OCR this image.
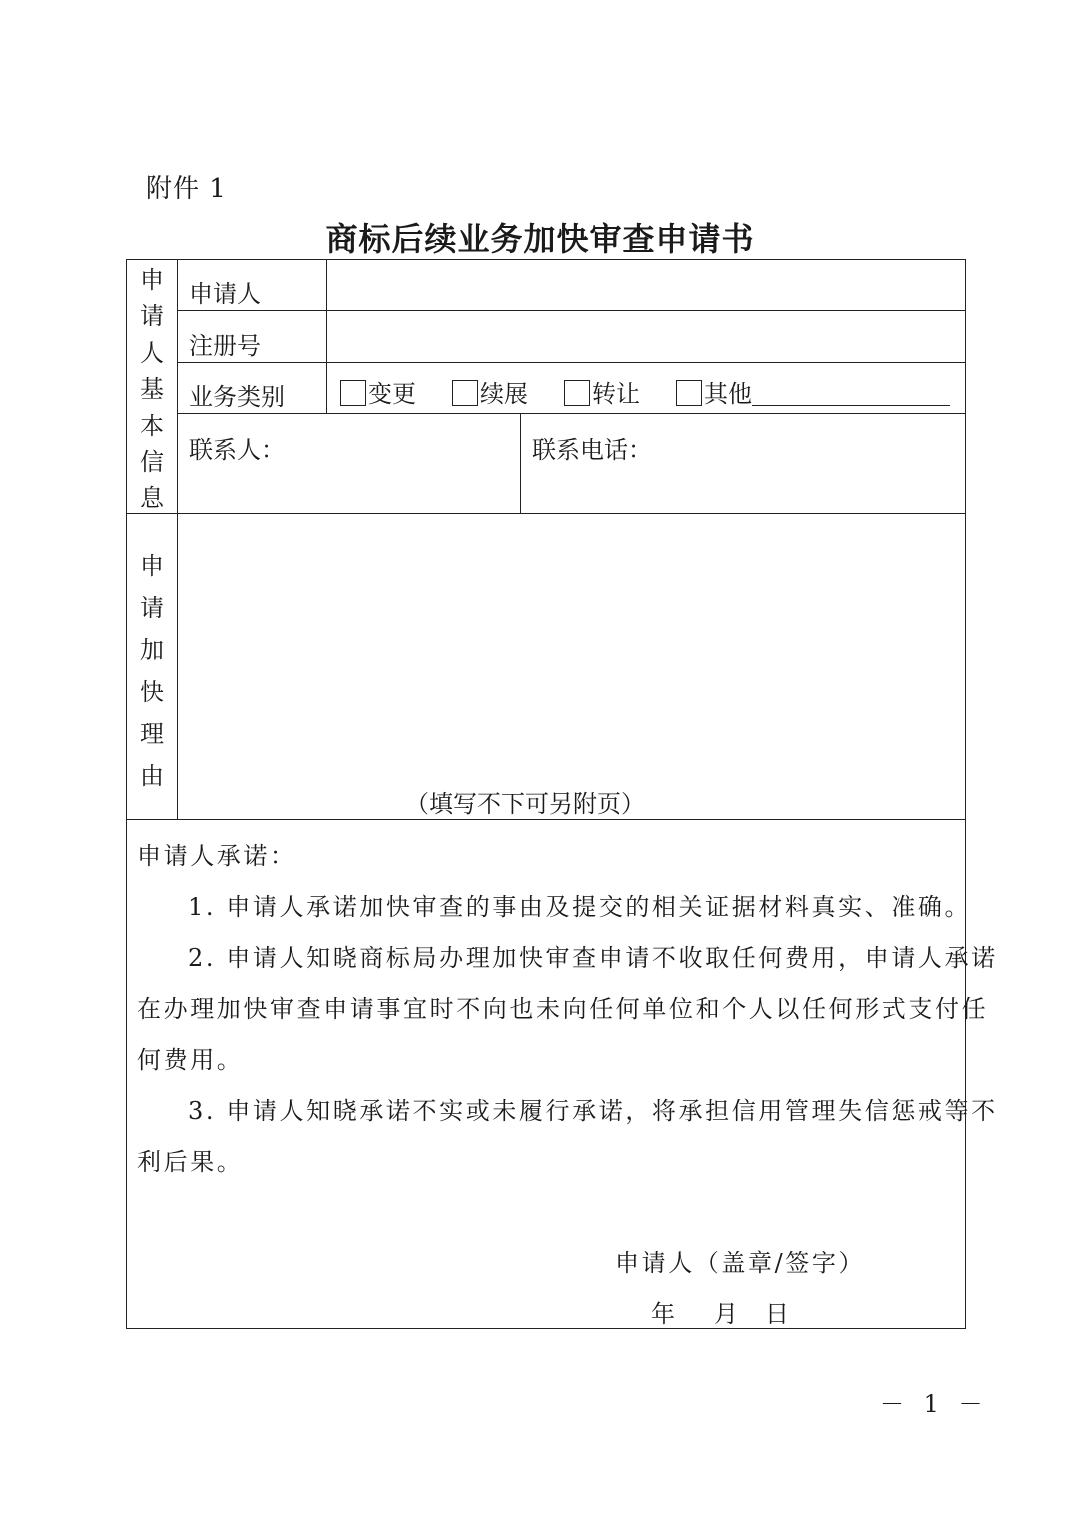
附件 1
商标后续业务加快审查申请书
申
请
人
基
本
信
息
申请人
注册号
业务类别	变更	续展	转让	其他
联系人：	联系电话：
申
请
加
快
理
由
（填写不下可另附页）
申请人承诺：
1. 申请人承诺加快审查的事由及提交的相关证据材料真实、准确。
2. 申请人知晓商标局办理加快审查申请不收取任何费用，申请人承诺
在办理加快审查申请事宜时不向也未向任何单位和个人以任何形式支付任
何费用。
3. 申请人知晓承诺不实或未履行承诺，将承担信用管理失信惩戒等不
利后果。
申请人（盖章/签字）
年 月 日
－ 1 －
